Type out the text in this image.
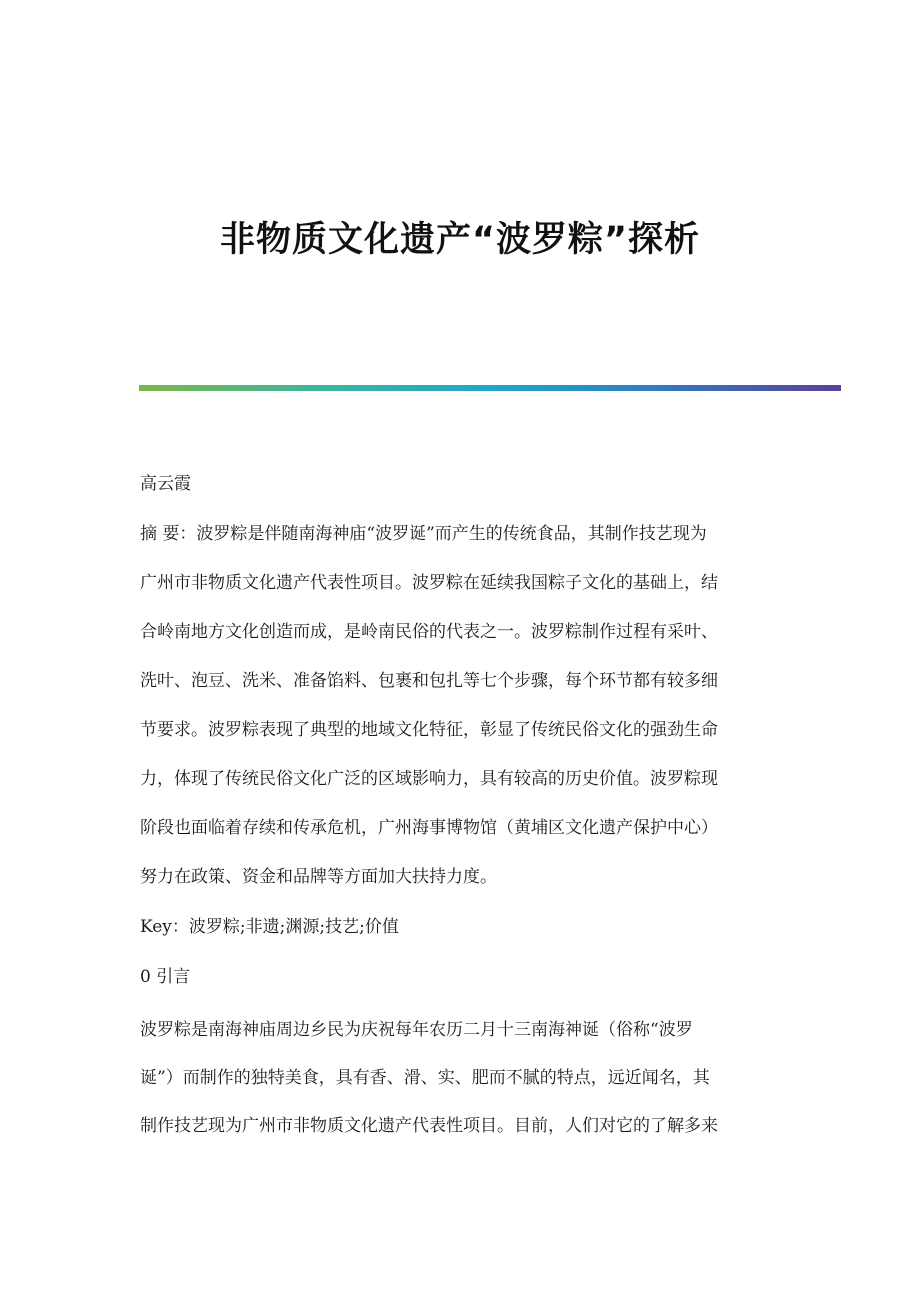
非物质文化遗产“波罗粽”探析

高云霞

摘 要：波罗粽是伴随南海神庙“波罗诞”而产生的传统食品，其制作技艺现为
广州市非物质文化遗产代表性项目。波罗粽在延续我国粽子文化的基础上，结
合岭南地方文化创造而成，是岭南民俗的代表之一。波罗粽制作过程有采叶、
洗叶、泡豆、洗米、准备馅料、包裹和包扎等七个步骤，每个环节都有较多细
节要求。波罗粽表现了典型的地域文化特征，彰显了传统民俗文化的强劲生命
力，体现了传统民俗文化广泛的区域影响力，具有较高的历史价值。波罗粽现
阶段也面临着存续和传承危机，广州海事博物馆（黄埔区文化遗产保护中心）
努力在政策、资金和品牌等方面加大扶持力度。

Key：波罗粽;非遗;渊源;技艺;价值

0 引言

波罗粽是南海神庙周边乡民为庆祝每年农历二月十三南海神诞（俗称“波罗
诞”）而制作的独特美食，具有香、滑、实、肥而不腻的特点，远近闻名，其
制作技艺现为广州市非物质文化遗产代表性项目。目前，人们对它的了解多来
